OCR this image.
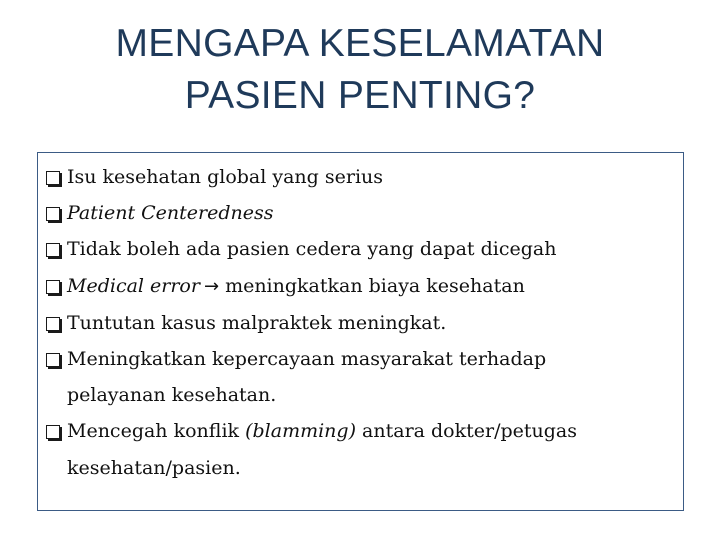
MENGAPA KESELAMATAN
PASIEN PENTING?
Isu kesehatan global yang serius
Patient Centeredness
Tidak boleh ada pasien cedera yang dapat dicegah
Medical error → meningkatkan biaya kesehatan
Tuntutan kasus malpraktek meningkat.
Meningkatkan kepercayaan masyarakat terhadap
pelayanan kesehatan.
Mencegah konflik (blamming) antara dokter/petugas
kesehatan/pasien.
